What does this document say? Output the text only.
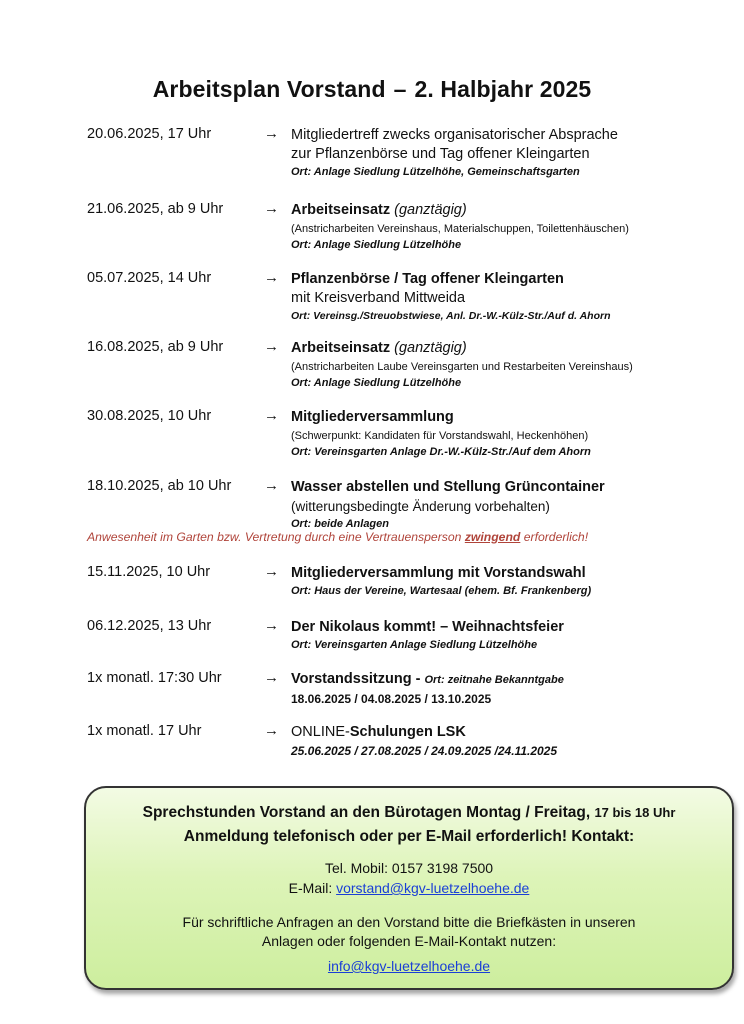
Arbeitsplan Vorstand – 2. Halbjahr 2025
20.06.2025, 17 Uhr	→ Mitgliedertreff zwecks organisatorischer Absprache
zur Pflanzenbörse und Tag offener Kleingarten
Ort: Anlage Siedlung Lützelhöhe, Gemeinschaftsgarten
21.06.2025, ab 9 Uhr	→ Arbeitseinsatz (ganztägig)
(Anstricharbeiten Vereinshaus, Materialschuppen, Toilettenhäuschen)
Ort: Anlage Siedlung Lützelhöhe
05.07.2025, 14 Uhr	→ Pflanzenbörse / Tag offener Kleingarten
mit Kreisverband Mittweida
Ort: Vereinsg./Streuobstwiese, Anl. Dr.-W.-Külz-Str./Auf d. Ahorn
16.08.2025, ab 9 Uhr	→ Arbeitseinsatz (ganztägig)
(Anstricharbeiten Laube Vereinsgarten und Restarbeiten Vereinshaus)
Ort: Anlage Siedlung Lützelhöhe
30.08.2025, 10 Uhr	→ Mitgliederversammlung
(Schwerpunkt: Kandidaten für Vorstandswahl, Heckenhöhen)
Ort: Vereinsgarten Anlage Dr.-W.-Külz-Str./Auf dem Ahorn
18.10.2025, ab 10 Uhr → Wasser abstellen und Stellung Grüncontainer
(witterungsbedingte Änderung vorbehalten)
Ort: beide Anlagen
Anwesenheit im Garten bzw. Vertretung durch eine Vertrauensperson zwingend erforderlich!
15.11.2025, 10 Uhr	→ Mitgliederversammlung mit Vorstandswahl
Ort: Haus der Vereine, Wartesaal (ehem. Bf. Frankenberg)
06.12.2025, 13 Uhr	→ Der Nikolaus kommt! – Weihnachtsfeier
Ort: Vereinsgarten Anlage Siedlung Lützelhöhe
1x monatl. 17:30 Uhr	→ Vorstandssitzung - Ort: zeitnahe Bekanntgabe
18.06.2025 / 04.08.2025 / 13.10.2025
1x monatl. 17 Uhr	→ ONLINE-Schulungen LSK
25.06.2025 / 27.08.2025 / 24.09.2025 /24.11.2025
Sprechstunden Vorstand an den Bürotagen Montag / Freitag, 17 bis 18 Uhr
Anmeldung telefonisch oder per E-Mail erforderlich! Kontakt:
Tel. Mobil: 0157 3198 7500
E-Mail: vorstand@kgv-luetzelhoehe.de
Für schriftliche Anfragen an den Vorstand bitte die Briefkästen in unseren
Anlagen oder folgenden E-Mail-Kontakt nutzen:
info@kgv-luetzelhoehe.de
